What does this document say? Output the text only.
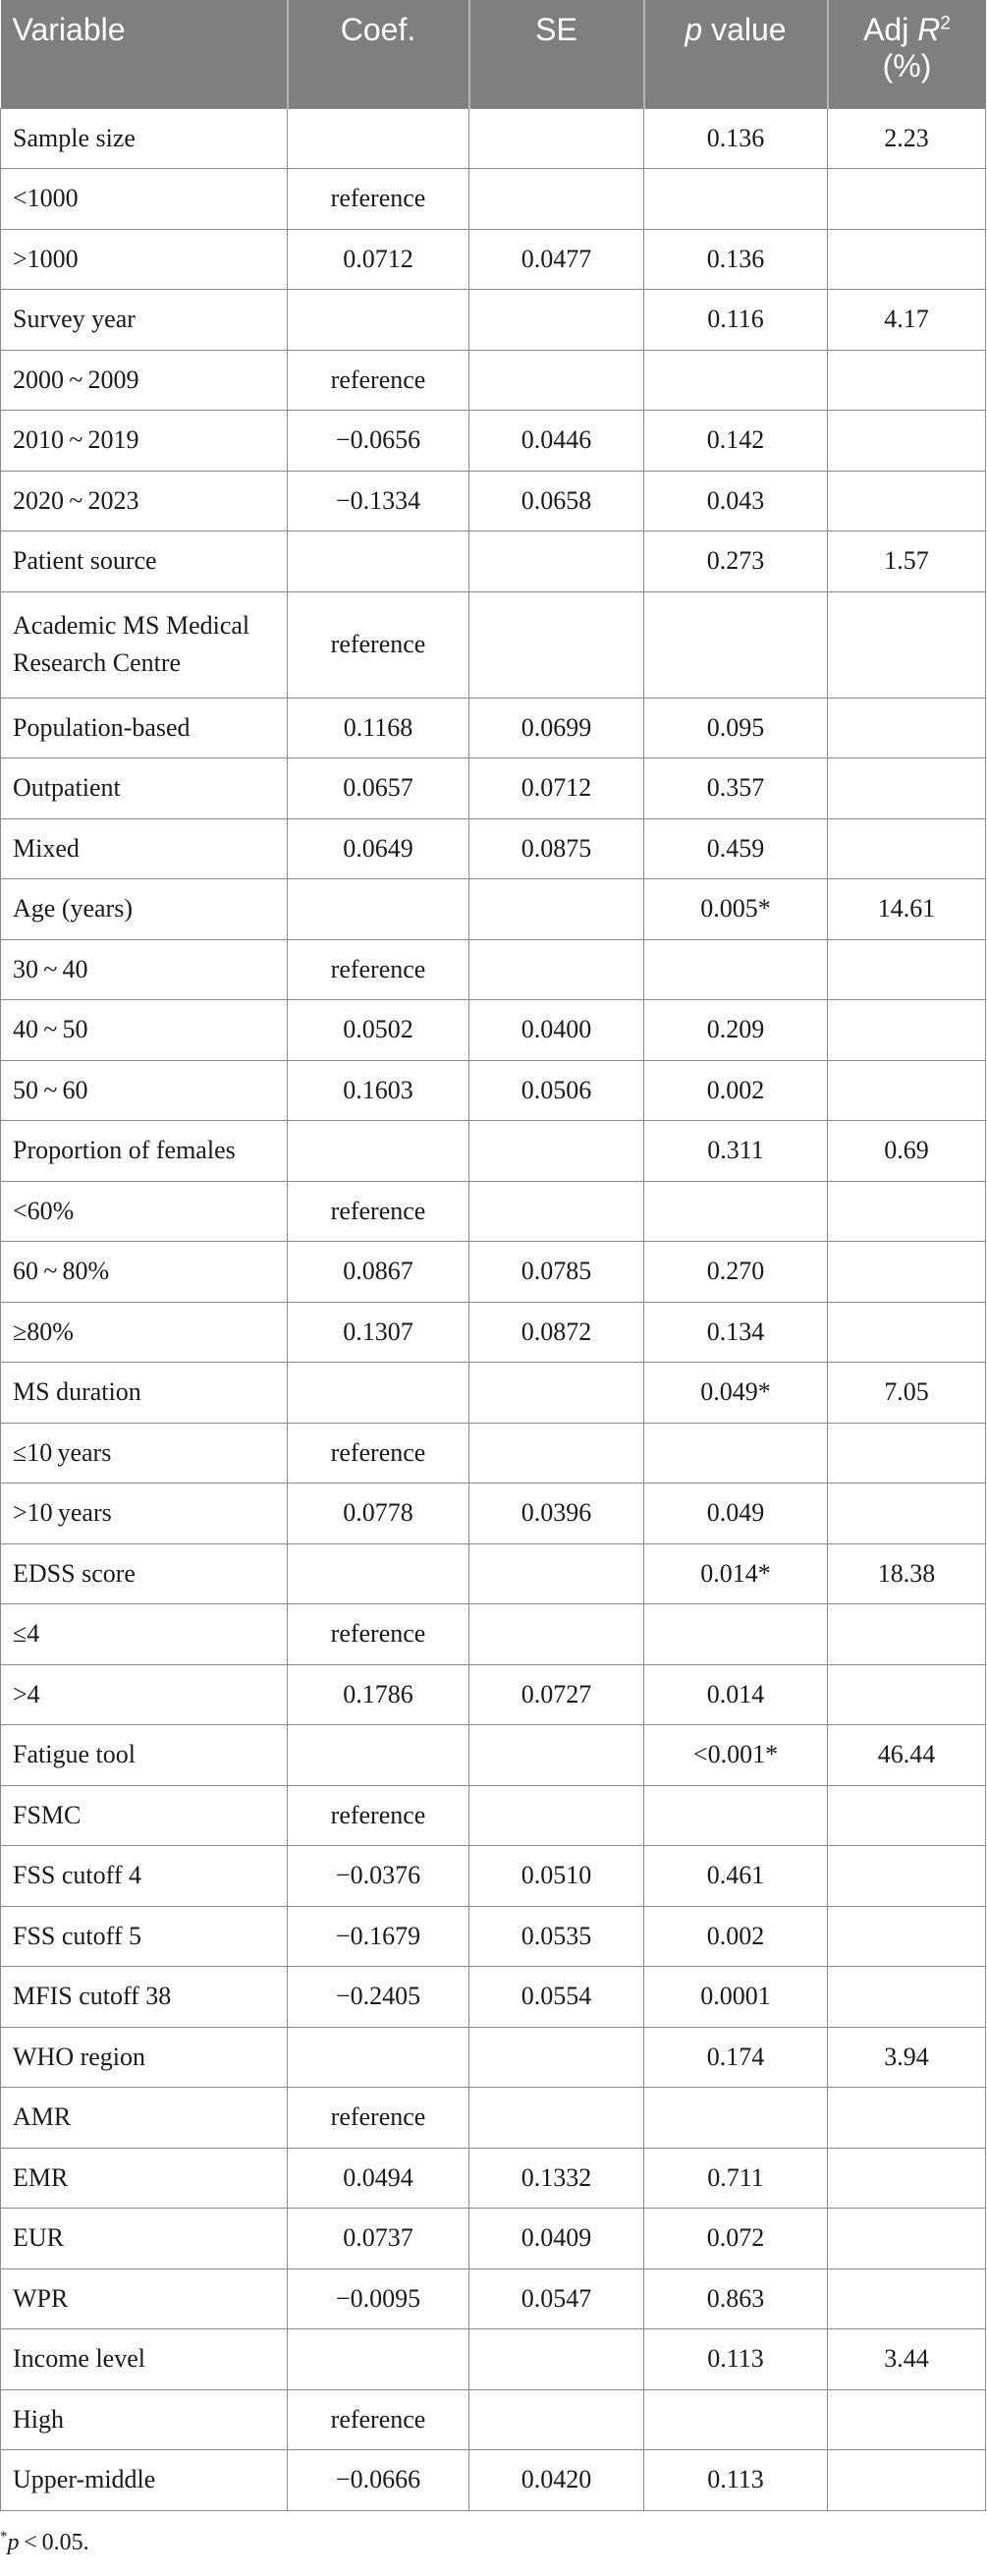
Variable	Coef.	SE	p value	Adj $R^2$
(%)
Sample size			0.136	2.23
<1000	reference			
>1000	0.0712	0.0477	0.136	
Survey year			0.116	4.17
2000 ~ 2009	reference			
2010 ~ 2019	−0.0656	0.0446	0.142	
2020 ~ 2023	−0.1334	0.0658	0.043	
Patient source			0.273	1.57
Academic MS Medical Research Centre	reference			
Population-based	0.1168	0.0699	0.095	
Outpatient	0.0657	0.0712	0.357	
Mixed	0.0649	0.0875	0.459	
Age (years)			0.005*	14.61
30 ~ 40	reference			
40 ~ 50	0.0502	0.0400	0.209	
50 ~ 60	0.1603	0.0506	0.002	
Proportion of females			0.311	0.69
<60%	reference			
60 ~ 80%	0.0867	0.0785	0.270	
≥80%	0.1307	0.0872	0.134	
MS duration			0.049*	7.05
≤10 years	reference			
>10 years	0.0778	0.0396	0.049	
EDSS score			0.014*	18.38
≤4	reference			
>4	0.1786	0.0727	0.014	
Fatigue tool			<0.001*	46.44
FSMC	reference			
FSS cutoff 4	−0.0376	0.0510	0.461	
FSS cutoff 5	−0.1679	0.0535	0.002	
MFIS cutoff 38	−0.2405	0.0554	0.0001	
WHO region			0.174	3.94
AMR	reference			
EMR	0.0494	0.1332	0.711	
EUR	0.0737	0.0409	0.072	
WPR	−0.0095	0.0547	0.863	
Income level			0.113	3.44
High	reference			
Upper-middle	−0.0666	0.0420	0.113	
*p < 0.05.
